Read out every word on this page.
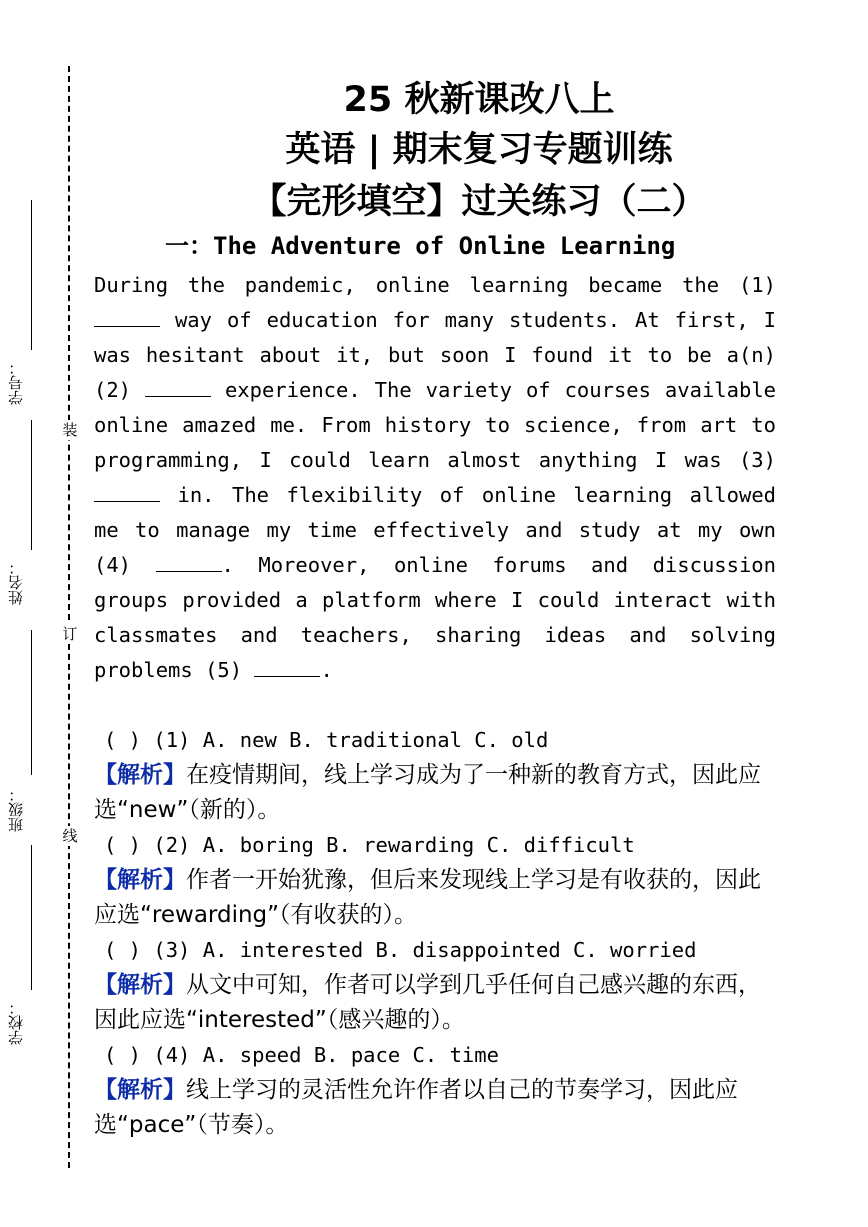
装
订
线
学号：
姓名：
班级：
学校：
25 秋新课改八上
英语 | 期末复习专题训练
【完形填空】过关练习（二）
一：The Adventure of Online Learning

During the pandemic, online learning became the (1)  way of education for many students. At first, I was hesitant about it, but soon I found it to be a(n) (2)	experience. The variety of courses available online amazed me. From history to science, from art to programming, I could learn almost anything I was (3)  in. The flexibility of online learning allowed me to manage my time effectively and study at my own (4)	. Moreover, online forums and discussion groups provided a platform where I could interact with classmates and teachers, sharing ideas and solving problems (5)	.

( ) (1) A. new B. traditional C. old

【解析】在疫情期间，线上学习成为了一种新的教育方式，因此应选“new”（新的）。

( ) (2) A. boring B. rewarding C. difficult

【解析】作者一开始犹豫，但后来发现线上学习是有收获的，因此应选“rewarding”（有收获的）。

( ) (3) A. interested B. disappointed C. worried

【解析】从文中可知，作者可以学到几乎任何自己感兴趣的东西，因此应选“interested”（感兴趣的）。

( ) (4) A. speed B. pace C. time

【解析】线上学习的灵活性允许作者以自己的节奏学习，因此应选“pace”（节奏）。
